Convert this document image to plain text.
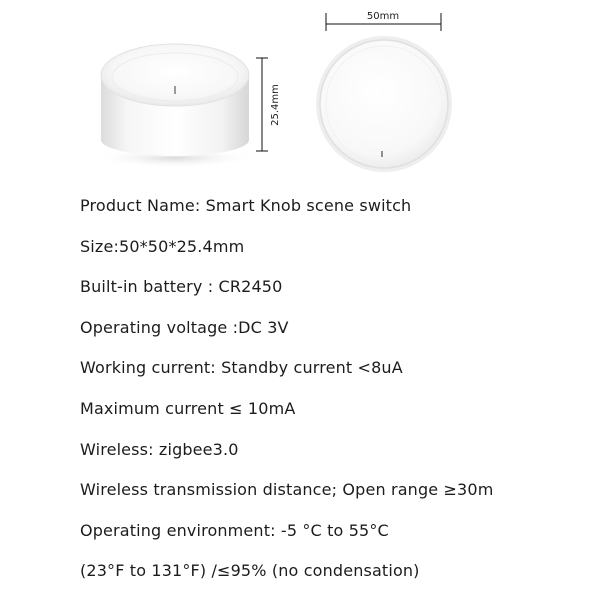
25.4mm
50mm
Product Name: Smart Knob scene switch
Size:50*50*25.4mm
Built-in battery : CR2450
Operating voltage :DC 3V
Working current: Standby current <8uA
Maximum current ≤ 10mA
Wireless: zigbee3.0
Wireless transmission distance; Open range ≥30m
Operating environment: -5 °C to 55°C
(23°F to 131°F) /≤95% (no condensation)
